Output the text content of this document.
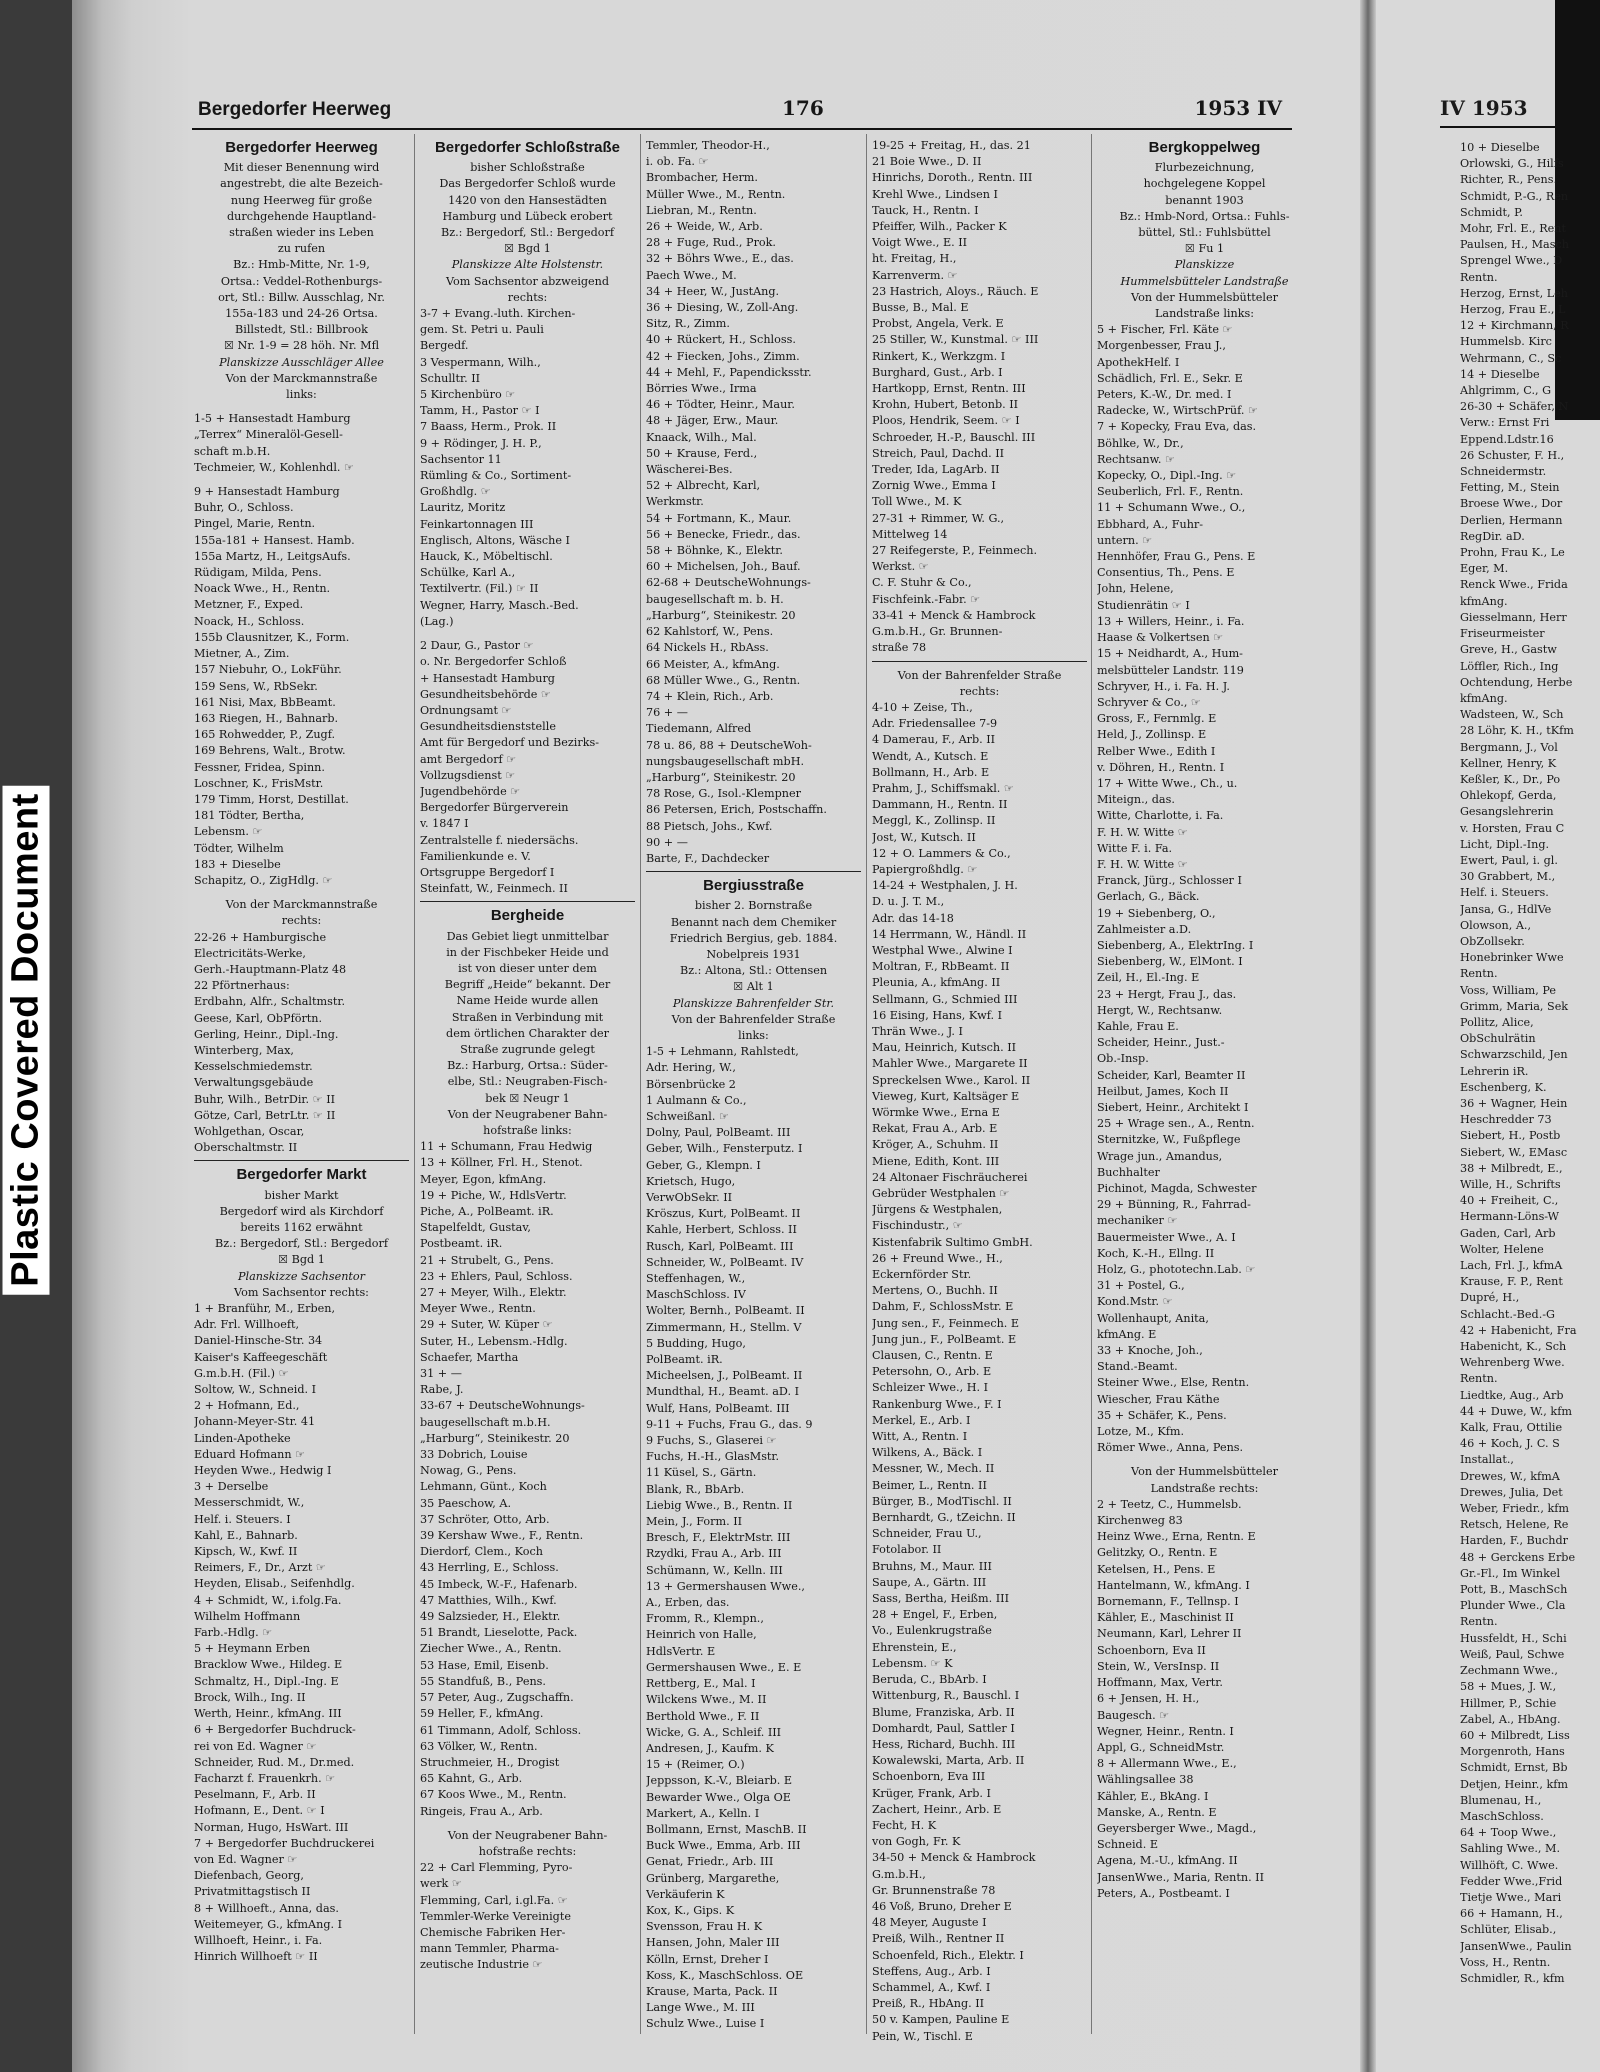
Plastic Covered Document
Bergedorfer Heerweg	176	1953 IV
Bergedorfer Heerweg
Mit dieser Benennung wird
angestrebt, die alte Bezeich-
nung Heerweg für große
durchgehende Hauptland-
straßen wieder ins Leben
zu rufen
Bz.: Hmb-Mitte, Nr. 1-9,
Ortsa.: Veddel-Rothenburgs-
ort, Stl.: Billw. Ausschlag, Nr.
155a-183 und 24-26 Ortsa.
Billstedt, Stl.: Billbrook
☒ Nr. 1-9 = 28 höh. Nr. Mfl
Planskizze Ausschläger Allee
Von der Marckmannstraße
links:
1-5 + Hansestadt Hamburg
„Terrex“ Mineralöl-Gesell-
schaft m.b.H.
Techmeier, W., Kohlenhdl. ☞
9 + Hansestadt Hamburg
Buhr, O., Schloss.
Pingel, Marie, Rentn.
155a-181 + Hansest. Hamb.
155a Martz, H., LeitgsAufs.
Rüdigam, Milda, Pens.
Noack Wwe., H., Rentn.
Metzner, F., Exped.
Noack, H., Schloss.
155b Clausnitzer, K., Form.
Mietner, A., Zim.
157 Niebuhr, O., LokFühr.
159 Sens, W., RbSekr.
161 Nisi, Max, BbBeamt.
163 Riegen, H., Bahnarb.
165 Rohwedder, P., Zugf.
169 Behrens, Walt., Brotw.
Fessner, Fridea, Spinn.
Loschner, K., FrisMstr.
179 Timm, Horst, Destillat.
181 Tödter, Bertha,
Lebensm. ☞
Tödter, Wilhelm
183 + Dieselbe
Schapitz, O., ZigHdlg. ☞
Von der Marckmannstraße
rechts:
22-26 + Hamburgische
Electricitäts-Werke,
Gerh.-Hauptmann-Platz 48
22 Pförtnerhaus:
Erdbahn, Alfr., Schaltmstr.
Geese, Karl, ObPförtn.
Gerling, Heinr., Dipl.-Ing.
Winterberg, Max,
Kesselschmiedemstr.
Verwaltungsgebäude
Buhr, Wilh., BetrDir. ☞ II
Götze, Carl, BetrLtr. ☞ II
Wohlgethan, Oscar,
Oberschaltmstr. II
Bergedorfer Markt
bisher Markt
Bergedorf wird als Kirchdorf
bereits 1162 erwähnt
Bz.: Bergedorf, Stl.: Bergedorf
☒ Bgd 1
Planskizze Sachsentor
Vom Sachsentor rechts:
1 + Branführ, M., Erben,
Adr. Frl. Willhoeft,
Daniel-Hinsche-Str. 34
Kaiser's Kaffeegeschäft
G.m.b.H. (Fil.) ☞
Soltow, W., Schneid. I
2 + Hofmann, Ed.,
Johann-Meyer-Str. 41
Linden-Apotheke
Eduard Hofmann ☞
Heyden Wwe., Hedwig I
3 + Derselbe
Messerschmidt, W.,
Helf. i. Steuers. I
Kahl, E., Bahnarb.
Kipsch, W., Kwf. II
Reimers, F., Dr., Arzt ☞
Heyden, Elisab., Seifenhdlg.
4 + Schmidt, W., i.folg.Fa.
Wilhelm Hoffmann
Farb.-Hdlg. ☞
5 + Heymann Erben
Bracklow Wwe., Hildeg. E
Schmaltz, H., Dipl.-Ing. E
Brock, Wilh., Ing. II
Werth, Heinr., kfmAng. III
6 + Bergedorfer Buchdruck-
rei von Ed. Wagner ☞
Schneider, Rud. M., Dr.med.
Facharzt f. Frauenkrh. ☞
Peselmann, F., Arb. II
Hofmann, E., Dent. ☞ I
Norman, Hugo, HsWart. III
7 + Bergedorfer Buchdruckerei
von Ed. Wagner ☞
Diefenbach, Georg,
Privatmittagstisch II
8 + Willhoeft., Anna, das.
Weitemeyer, G., kfmAng. I
Willhoeft, Heinr., i. Fa.
Hinrich Willhoeft ☞ II
Bergedorfer Schloßstraße
bisher Schloßstraße
Das Bergedorfer Schloß wurde
1420 von den Hansestädten
Hamburg und Lübeck erobert
Bz.: Bergedorf, Stl.: Bergedorf
☒ Bgd 1
Planskizze Alte Holstenstr.
Vom Sachsentor abzweigend
rechts:
3-7 + Evang.-luth. Kirchen-
gem. St. Petri u. Pauli
Bergedf.
3 Vespermann, Wilh.,
Schulltr. II
5 Kirchenbüro ☞
Tamm, H., Pastor ☞ I
7 Baass, Herm., Prok. II
9 + Rödinger, J. H. P.,
Sachsentor 11
Rümling & Co., Sortiment-
Großhdlg. ☞
Lauritz, Moritz
Feinkartonnagen III
Englisch, Altons, Wäsche I
Hauck, K., Möbeltischl.
Schülke, Karl A.,
Textilvertr. (Fil.) ☞ II
Wegner, Harry, Masch.-Bed.
(Lag.)
2 Daur, G., Pastor ☞
o. Nr. Bergedorfer Schloß
+ Hansestadt Hamburg
Gesundheitsbehörde ☞
Ordnungsamt ☞
Gesundheitsdienststelle
Amt für Bergedorf und Bezirks-
amt Bergedorf ☞
Vollzugsdienst ☞
Jugendbehörde ☞
Bergedorfer Bürgerverein
v. 1847 I
Zentralstelle f. niedersächs.
Familienkunde e. V.
Ortsgruppe Bergedorf I
Steinfatt, W., Feinmech. II
Bergheide
Das Gebiet liegt unmittelbar
in der Fischbeker Heide und
ist von dieser unter dem
Begriff „Heide“ bekannt. Der
Name Heide wurde allen
Straßen in Verbindung mit
dem örtlichen Charakter der
Straße zugrunde gelegt
Bz.: Harburg, Ortsa.: Süder-
elbe, Stl.: Neugraben-Fisch-
bek ☒ Neugr 1
Von der Neugrabener Bahn-
hofstraße links:
11 + Schumann, Frau Hedwig
13 + Köllner, Frl. H., Stenot.
Meyer, Egon, kfmAng.
19 + Piche, W., HdlsVertr.
Piche, A., PolBeamt. iR.
Stapelfeldt, Gustav,
Postbeamt. iR.
21 + Strubelt, G., Pens.
23 + Ehlers, Paul, Schloss.
27 + Meyer, Wilh., Elektr.
Meyer Wwe., Rentn.
29 + Suter, W. Küper ☞
Suter, H., Lebensm.-Hdlg.
Schaefer, Martha
31 + —
Rabe, J.
33-67 + DeutscheWohnungs-
baugesellschaft m.b.H.
„Harburg“, Steinikestr. 20
33 Dobrich, Louise
Nowag, G., Pens.
Lehmann, Günt., Koch
35 Paeschow, A.
37 Schröter, Otto, Arb.
39 Kershaw Wwe., F., Rentn.
Dierdorf, Clem., Koch
43 Herrling, E., Schloss.
45 Imbeck, W.-F., Hafenarb.
47 Matthies, Wilh., Kwf.
49 Salzsieder, H., Elektr.
51 Brandt, Lieselotte, Pack.
Ziecher Wwe., A., Rentn.
53 Hase, Emil, Eisenb.
55 Standfuß, B., Pens.
57 Peter, Aug., Zugschaffn.
59 Heller, F., kfmAng.
61 Timmann, Adolf, Schloss.
63 Völker, W., Rentn.
Struchmeier, H., Drogist
65 Kahnt, G., Arb.
67 Koos Wwe., M., Rentn.
Ringeis, Frau A., Arb.
Von der Neugrabener Bahn-
hofstraße rechts:
22 + Carl Flemming, Pyro-
werk ☞
Flemming, Carl, i.gl.Fa. ☞
Temmler-Werke Vereinigte
Chemische Fabriken Her-
mann Temmler, Pharma-
zeutische Industrie ☞
Temmler, Theodor-H.,
i. ob. Fa. ☞
Brombacher, Herm.
Müller Wwe., M., Rentn.
Liebran, M., Rentn.
26 + Weide, W., Arb.
28 + Fuge, Rud., Prok.
32 + Böhrs Wwe., E., das.
Paech Wwe., M.
34 + Heer, W., JustAng.
36 + Diesing, W., Zoll-Ang.
Sitz, R., Zimm.
40 + Rückert, H., Schloss.
42 + Fiecken, Johs., Zimm.
44 + Mehl, F., Papendicksstr.
Börries Wwe., Irma
46 + Tödter, Heinr., Maur.
48 + Jäger, Erw., Maur.
Knaack, Wilh., Mal.
50 + Krause, Ferd.,
Wäscherei-Bes.
52 + Albrecht, Karl,
Werkmstr.
54 + Fortmann, K., Maur.
56 + Benecke, Friedr., das.
58 + Böhnke, K., Elektr.
60 + Michelsen, Joh., Bauf.
62-68 + DeutscheWohnungs-
baugesellschaft m. b. H.
„Harburg“, Steinikestr. 20
62 Kahlstorf, W., Pens.
64 Nickels H., RbAss.
66 Meister, A., kfmAng.
68 Müller Wwe., G., Rentn.
74 + Klein, Rich., Arb.
76 + —
Tiedemann, Alfred
78 u. 86, 88 + DeutscheWoh-
nungsbaugesellschaft mbH.
„Harburg“, Steinikestr. 20
78 Rose, G., Isol.-Klempner
86 Petersen, Erich, Postschaffn.
88 Pietsch, Johs., Kwf.
90 + —
Barte, F., Dachdecker
Bergiusstraße
bisher 2. Bornstraße
Benannt nach dem Chemiker
Friedrich Bergius, geb. 1884.
Nobelpreis 1931
Bz.: Altona, Stl.: Ottensen
☒ Alt 1
Planskizze Bahrenfelder Str.
Von der Bahrenfelder Straße
links:
1-5 + Lehmann, Rahlstedt,
Adr. Hering, W.,
Börsenbrücke 2
1 Aulmann & Co.,
Schweißanl. ☞
Dolny, Paul, PolBeamt. III
Geber, Wilh., Fensterputz. I
Geber, G., Klempn. I
Krietsch, Hugo,
VerwObSekr. II
Kröszus, Kurt, PolBeamt. II
Kahle, Herbert, Schloss. II
Rusch, Karl, PolBeamt. III
Schneider, W., PolBeamt. IV
Steffenhagen, W.,
MaschSchloss. IV
Wolter, Bernh., PolBeamt. II
Zimmermann, H., Stellm. V
5 Budding, Hugo,
PolBeamt. iR.
Micheelsen, J., PolBeamt. II
Mundthal, H., Beamt. aD. I
Wulf, Hans, PolBeamt. III
9-11 + Fuchs, Frau G., das. 9
9 Fuchs, S., Glaserei ☞
Fuchs, H.-H., GlasMstr.
11 Küsel, S., Gärtn.
Blank, R., BbArb.
Liebig Wwe., B., Rentn. II
Mein, J., Form. II
Bresch, F., ElektrMstr. III
Rzydki, Frau A., Arb. III
Schümann, W., Kelln. III
13 + Germershausen Wwe.,
A., Erben, das.
Fromm, R., Klempn.,
Heinrich von Halle,
HdlsVertr. E
Germershausen Wwe., E. E
Rettberg, E., Mal. I
Wilckens Wwe., M. II
Berthold Wwe., F. II
Wicke, G. A., Schleif. III
Andresen, J., Kaufm. K
15 + (Reimer, O.)
Jeppsson, K.-V., Bleiarb. E
Bewarder Wwe., Olga OE
Markert, A., Kelln. I
Bollmann, Ernst, MaschB. II
Buck Wwe., Emma, Arb. III
Genat, Friedr., Arb. III
Grünberg, Margarethe,
Verkäuferin K
Kox, K., Gips. K
Svensson, Frau H. K
Hansen, John, Maler III
Kölln, Ernst, Dreher I
Koss, K., MaschSchloss. OE
Krause, Marta, Pack. II
Lange Wwe., M. III
Schulz Wwe., Luise I
19-25 + Freitag, H., das. 21
21 Boie Wwe., D. II
Hinrichs, Doroth., Rentn. III
Krehl Wwe., Lindsen I
Tauck, H., Rentn. I
Pfeiffer, Wilh., Packer K
Voigt Wwe., E. II
ht. Freitag, H.,
Karrenverm. ☞
23 Hastrich, Aloys., Räuch. E
Busse, B., Mal. E
Probst, Angela, Verk. E
25 Stiller, W., Kunstmal. ☞ III
Rinkert, K., Werkzgm. I
Burghard, Gust., Arb. I
Hartkopp, Ernst, Rentn. III
Krohn, Hubert, Betonb. II
Ploos, Hendrik, Seem. ☞ I
Schroeder, H.-P., Bauschl. III
Streich, Paul, Dachd. II
Treder, Ida, LagArb. II
Zornig Wwe., Emma I
Toll Wwe., M. K
27-31 + Rimmer, W. G.,
Mittelweg 14
27 Reifegerste, P., Feinmech.
Werkst. ☞
C. F. Stuhr & Co.,
Fischfeink.-Fabr. ☞
33-41 + Menck & Hambrock
G.m.b.H., Gr. Brunnen-
straße 78
Von der Bahrenfelder Straße
rechts:
4-10 + Zeise, Th.,
Adr. Friedensallee 7-9
4 Damerau, F., Arb. II
Wendt, A., Kutsch. E
Bollmann, H., Arb. E
Prahm, J., Schiffsmakl. ☞
Dammann, H., Rentn. II
Meggl, K., Zollinsp. II
Jost, W., Kutsch. II
12 + O. Lammers & Co.,
Papiergroßhdlg. ☞
14-24 + Westphalen, J. H.
D. u. J. T. M.,
Adr. das 14-18
14 Herrmann, W., Händl. II
Westphal Wwe., Alwine I
Moltran, F., RbBeamt. II
Pleunia, A., kfmAng. II
Sellmann, G., Schmied III
16 Eising, Hans, Kwf. I
Thrän Wwe., J. I
Mau, Heinrich, Kutsch. II
Mahler Wwe., Margarete II
Spreckelsen Wwe., Karol. II
Vieweg, Kurt, Kaltsäger E
Wörmke Wwe., Erna E
Rekat, Frau A., Arb. E
Kröger, A., Schuhm. II
Miene, Edith, Kont. III
24 Altonaer Fischräucherei
Gebrüder Westphalen ☞
Jürgens & Westphalen,
Fischindustr., ☞
Kistenfabrik Sultimo GmbH.
26 + Freund Wwe., H.,
Eckernförder Str.
Mertens, O., Buchh. II
Dahm, F., SchlossMstr. E
Jung sen., F., Feinmech. E
Jung jun., F., PolBeamt. E
Clausen, C., Rentn. E
Petersohn, O., Arb. E
Schleizer Wwe., H. I
Rankenburg Wwe., F. I
Merkel, E., Arb. I
Witt, A., Rentn. I
Wilkens, A., Bäck. I
Messner, W., Mech. II
Beimer, L., Rentn. II
Bürger, B., ModTischl. II
Bernhardt, G., tZeichn. II
Schneider, Frau U.,
Fotolabor. II
Bruhns, M., Maur. III
Saupe, A., Gärtn. III
Sass, Bertha, Heißm. III
28 + Engel, F., Erben,
Vo., Eulenkrugstraße
Ehrenstein, E.,
Lebensm. ☞ K
Beruda, C., BbArb. I
Wittenburg, R., Bauschl. I
Blume, Franziska, Arb. II
Domhardt, Paul, Sattler I
Hess, Richard, Buchh. III
Kowalewski, Marta, Arb. II
Schoenborn, Eva III
Krüger, Frank, Arb. I
Zachert, Heinr., Arb. E
Fecht, H. K
von Gogh, Fr. K
34-50 + Menck & Hambrock
G.m.b.H.,
Gr. Brunnenstraße 78
46 Voß, Bruno, Dreher E
48 Meyer, Auguste I
Preiß, Wilh., Rentner II
Schoenfeld, Rich., Elektr. I
Steffens, Aug., Arb. I
Schammel, A., Kwf. I
Preiß, R., HbAng. II
50 v. Kampen, Pauline E
Pein, W., Tischl. E
Bergkoppelweg
Flurbezeichnung,
hochgelegene Koppel
benannt 1903
Bz.: Hmb-Nord, Ortsa.: Fuhls-
büttel, Stl.: Fuhlsbüttel
☒ Fu 1
Planskizze
Hummelsbütteler Landstraße
Von der Hummelsbütteler
Landstraße links:
5 + Fischer, Frl. Käte ☞
Morgenbesser, Frau J.,
ApothekHelf. I
Schädlich, Frl. E., Sekr. E
Peters, K.-W., Dr. med. I
Radecke, W., WirtschPrüf. ☞
7 + Kopecky, Frau Eva, das.
Böhlke, W., Dr.,
Rechtsanw. ☞
Kopecky, O., Dipl.-Ing. ☞
Seuberlich, Frl. F., Rentn.
11 + Schumann Wwe., O.,
Ebbhard, A., Fuhr-
untern. ☞
Hennhöfer, Frau G., Pens. E
Consentius, Th., Pens. E
John, Helene,
Studienrätin ☞ I
13 + Willers, Heinr., i. Fa.
Haase & Volkertsen ☞
15 + Neidhardt, A., Hum-
melsbütteler Landstr. 119
Schryver, H., i. Fa. H. J.
Schryver & Co., ☞
Gross, F., Fernmlg. E
Held, J., Zollinsp. E
Relber Wwe., Edith I
v. Döhren, H., Rentn. I
17 + Witte Wwe., Ch., u.
Miteign., das.
Witte, Charlotte, i. Fa.
F. H. W. Witte ☞
Witte F. i. Fa.
F. H. W. Witte ☞
Franck, Jürg., Schlosser I
Gerlach, G., Bäck.
19 + Siebenberg, O.,
Zahlmeister a.D.
Siebenberg, A., ElektrIng. I
Siebenberg, W., ElMont. I
Zeil, H., El.-Ing. E
23 + Hergt, Frau J., das.
Hergt, W., Rechtsanw.
Kahle, Frau E.
Scheider, Heinr., Just.-
Ob.-Insp.
Scheider, Karl, Beamter II
Heilbut, James, Koch II
Siebert, Heinr., Architekt I
25 + Wrage sen., A., Rentn.
Sternitzke, W., Fußpflege
Wrage jun., Amandus,
Buchhalter
Pichinot, Magda, Schwester
29 + Bünning, R., Fahrrad-
mechaniker ☞
Bauermeister Wwe., A. I
Koch, K.-H., Ellng. II
Holz, G., phototechn.Lab. ☞
31 + Postel, G.,
Kond.Mstr. ☞
Wollenhaupt, Anita,
kfmAng. E
33 + Knoche, Joh.,
Stand.-Beamt.
Steiner Wwe., Else, Rentn.
Wiescher, Frau Käthe
35 + Schäfer, K., Pens.
Lotze, M., Kfm.
Römer Wwe., Anna, Pens.
Von der Hummelsbütteler
Landstraße rechts:
2 + Teetz, C., Hummelsb.
Kirchenweg 83
Heinz Wwe., Erna, Rentn. E
Gelitzky, O., Rentn. E
Ketelsen, H., Pens. E
Hantelmann, W., kfmAng. I
Bornemann, F., Tellnsp. I
Kähler, E., Maschinist II
Neumann, Karl, Lehrer II
Schoenborn, Eva II
Stein, W., VersInsp. II
Hoffmann, Max, Vertr.
6 + Jensen, H. H.,
Baugesch. ☞
Wegner, Heinr., Rentn. I
Appl, G., SchneidMstr.
8 + Allermann Wwe., E.,
Wählingsallee 38
Kähler, E., BkAng. I
Manske, A., Rentn. E
Geyersberger Wwe., Magd.,
Schneid. E
Agena, M.-U., kfmAng. II
JansenWwe., Maria, Rentn. II
Peters, A., Postbeamt. I
IV 1953
10 + Dieselbe
Orlowski, G., Hilfs
Richter, R., Pens.
Schmidt, P.-G., Ren
Schmidt, P.
Mohr, Frl. E., Rent
Paulsen, H., Masch
Sprengel Wwe., D
Rentn.
Herzog, Ernst, Leh
Herzog, Frau E., L
12 + Kirchmann, R
Hummelsb. Kirc
Wehrmann, C., Sc
14 + Dieselbe
Ahlgrimm, C., G
26-30 + Schäfer, N
Verw.: Ernst Fri
Eppend.Ldstr.16
26 Schuster, F. H.,
Schneidermstr.
Fetting, M., Stein
Broese Wwe., Dor
Derlien, Hermann
RegDir. aD.
Prohn, Frau K., Le
Eger, M.
Renck Wwe., Frida
kfmAng.
Giesselmann, Herr
Friseurmeister
Greve, H., Gastw
Löffler, Rich., Ing
Ochtendung, Herbe
kfmAng.
Wadsteen, W., Sch
28 Löhr, K. H., tKfm
Bergmann, J., Vol
Kellner, Henry, K
Keßler, K., Dr., Po
Ohlekopf, Gerda,
Gesangslehrerin
v. Horsten, Frau C
Licht, Dipl.-Ing.
Ewert, Paul, i. gl.
30 Grabbert, M.,
Helf. i. Steuers.
Jansa, G., HdlVe
Olowson, A.,
ObZollsekr.
Honebrinker Wwe
Rentn.
Voss, William, Pe
Grimm, Maria, Sek
Pollitz, Alice,
ObSchulrätin
Schwarzschild, Jen
Lehrerin iR.
Eschenberg, K.
36 + Wagner, Hein
Heschredder 73
Siebert, H., Postb
Siebert, W., EMasc
38 + Milbredt, E.,
Wille, H., Schrifts
40 + Freiheit, C.,
Hermann-Löns-W
Gaden, Carl, Arb
Wolter, Helene
Lach, Frl. J., kfmA
Krause, F. P., Rent
Dupré, H.,
Schlacht.-Bed.-G
42 + Habenicht, Fra
Habenicht, K., Sch
Wehrenberg Wwe.
Rentn.
Liedtke, Aug., Arb
44 + Duwe, W., kfm
Kalk, Frau, Ottilie
46 + Koch, J. C. S
Installat.,
Drewes, W., kfmA
Drewes, Julia, Det
Weber, Friedr., kfm
Retsch, Helene, Re
Harden, F., Buchdr
48 + Gerckens Erbe
Gr.-Fl., Im Winkel
Pott, B., MaschSch
Plunder Wwe., Cla
Rentn.
Hussfeldt, H., Schi
Weiß, Paul, Schwe
Zechmann Wwe.,
58 + Mues, J. W.,
Hillmer, P., Schie
Zabel, A., HbAng.
60 + Milbredt, Liss
Morgenroth, Hans
Schmidt, Ernst, Bb
Detjen, Heinr., kfm
Blumenau, H.,
MaschSchloss.
64 + Toop Wwe.,
Sahling Wwe., M.
Willhöft, C. Wwe.
Fedder Wwe.,Frid
Tietje Wwe., Mari
66 + Hamann, H.,
Schlüter, Elisab.,
JansenWwe., Paulin
Voss, H., Rentn.
Schmidler, R., kfm
